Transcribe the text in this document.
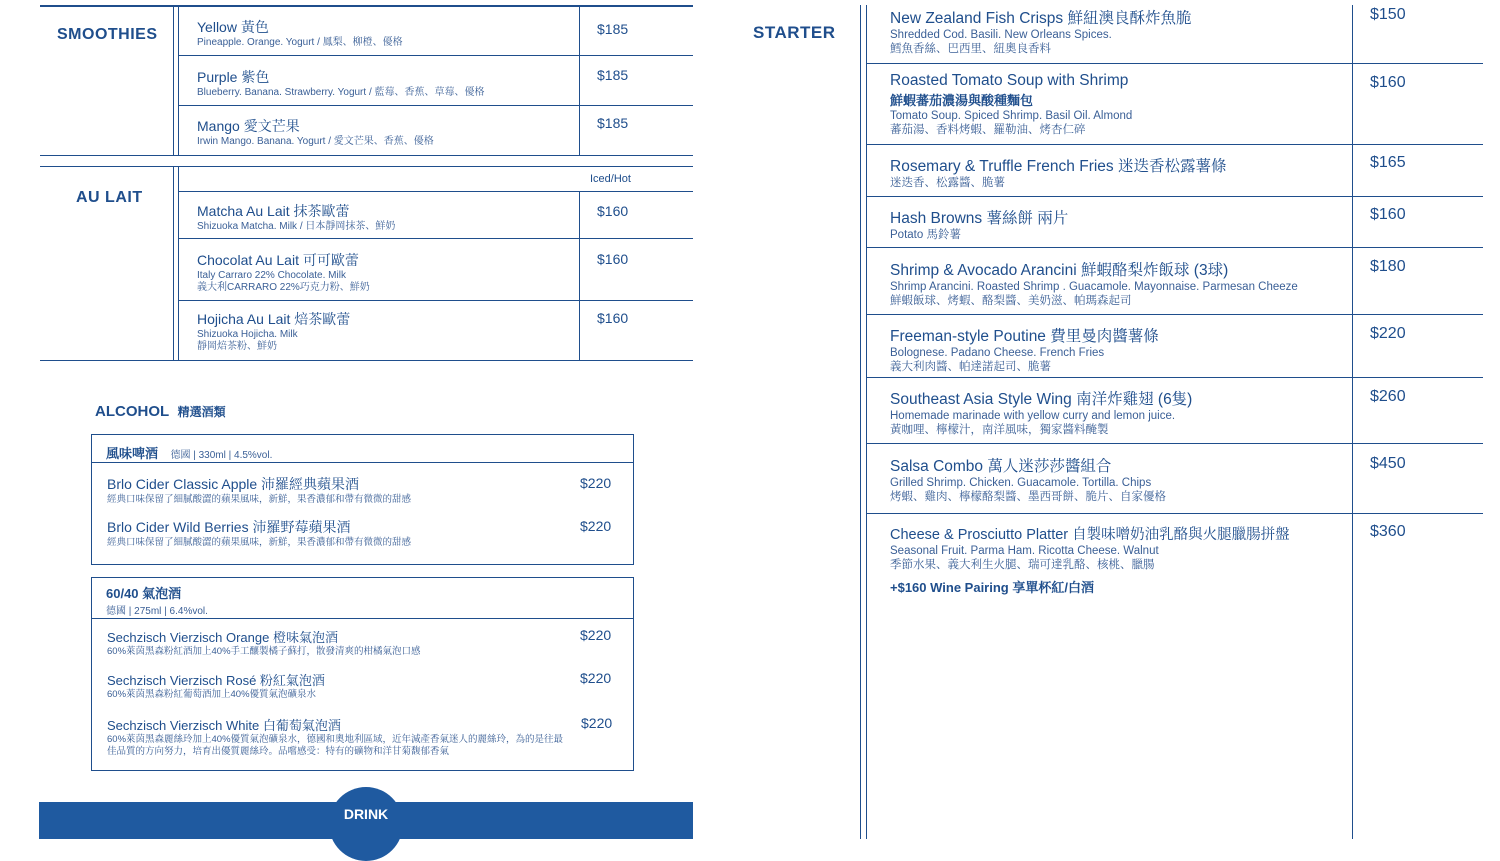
SMOOTHIES	Yellow 黃色
Pineapple. Orange. Yogurt / 鳳梨、柳橙、優格
$185
Purple 紫色
Blueberry. Banana. Strawberry. Yogurt / 藍莓、香蕉、草莓、優格
$185
Mango 愛文芒果
Irwin Mango. Banana. Yogurt / 愛文芒果、香蕉、優格
$185
AU LAIT
Iced/Hot
Matcha Au Lait 抹茶歐蕾
Shizuoka Matcha. Milk / 日本靜岡抹茶、鮮奶
$160
Chocolat Au Lait 可可歐蕾
Italy Carraro 22% Chocolate. Milk
義大利CARRARO 22%巧克力粉、鮮奶
$160
Hojicha Au Lait 焙茶歐蕾
Shizuoka Hojicha. Milk
靜岡焙茶粉、鮮奶
$160
ALCOHOL 精選酒類
風味啤酒 德國 | 330ml | 4.5%vol.
Brlo Cider Classic Apple 沛羅經典蘋果酒
經典口味保留了細膩酸澀的蘋果風味，新鮮，果香濃郁和帶有微微的甜感
$220
Brlo Cider Wild Berries 沛羅野莓蘋果酒
經典口味保留了細膩酸澀的蘋果風味，新鮮，果香濃郁和帶有微微的甜感
$220
60/40 氣泡酒
德國 | 275ml | 6.4%vol.
Sechzisch Vierzisch Orange 橙味氣泡酒
60%萊茵黑森粉紅酒加上40%手工釀製橘子蘇打，散發清爽的柑橘氣泡口感
$220
Sechzisch Vierzisch Rosé 粉紅氣泡酒
60%萊茵黑森粉紅葡萄酒加上40%優質氣泡礦泉水
$220
Sechzisch Vierzisch White 白葡萄氣泡酒
60%萊茵黑森麗絲玲加上40%優質氣泡礦泉水，德國和奧地利區域，近年減產香氣迷人的麗絲玲，為的是往最佳品質的方向努力，培育出優質麗絲玲。品嚐感受：特有的礦物和洋甘菊馥郁香氣
$220
DRINK
STARTER
New Zealand Fish Crisps 鮮紐澳良酥炸魚脆
Shredded Cod. Basili. New Orleans Spices.
鱈魚香絲、巴西里、紐奧良香料
$150
Roasted Tomato Soup with Shrimp
鮮蝦蕃茄濃湯與酸種麵包
Tomato Soup. Spiced Shrimp. Basil Oil. Almond
蕃茄湯、香料烤蝦、羅勒油、烤杏仁碎
$160
Rosemary & Truffle French Fries 迷迭香松露薯條
迷迭香、松露醬、脆薯
$165
Hash Browns 薯絲餅 兩片
Potato 馬鈴薯
$160
Shrimp & Avocado Arancini 鮮蝦酪梨炸飯球 (3球)
Shrimp Arancini. Roasted Shrimp . Guacamole. Mayonnaise. Parmesan Cheeze
鮮蝦飯球、烤蝦、酪梨醬、美奶滋、帕瑪森起司
$180
Freeman-style Poutine 費里曼肉醬薯條
Bolognese. Padano Cheese. French Fries
義大利肉醬、帕達諾起司、脆薯
$220
Southeast Asia Style Wing 南洋炸雞翅 (6隻)
Homemade marinade with yellow curry and lemon juice.
黃咖哩、檸檬汁，南洋風味，獨家醬料醃製
$260
Salsa Combo 萬人迷莎莎醬組合
Grilled Shrimp. Chicken. Guacamole. Tortilla. Chips
烤蝦、雞肉、檸檬酪梨醬、墨西哥餅、脆片、自家優格
$450
Cheese & Prosciutto Platter 自製味噌奶油乳酪與火腿臘腸拼盤
Seasonal Fruit. Parma Ham. Ricotta Cheese. Walnut
季節水果、義大利生火腿、瑞可達乳酪、核桃、臘腸
+$160 Wine Pairing 享單杯紅/白酒
$360
